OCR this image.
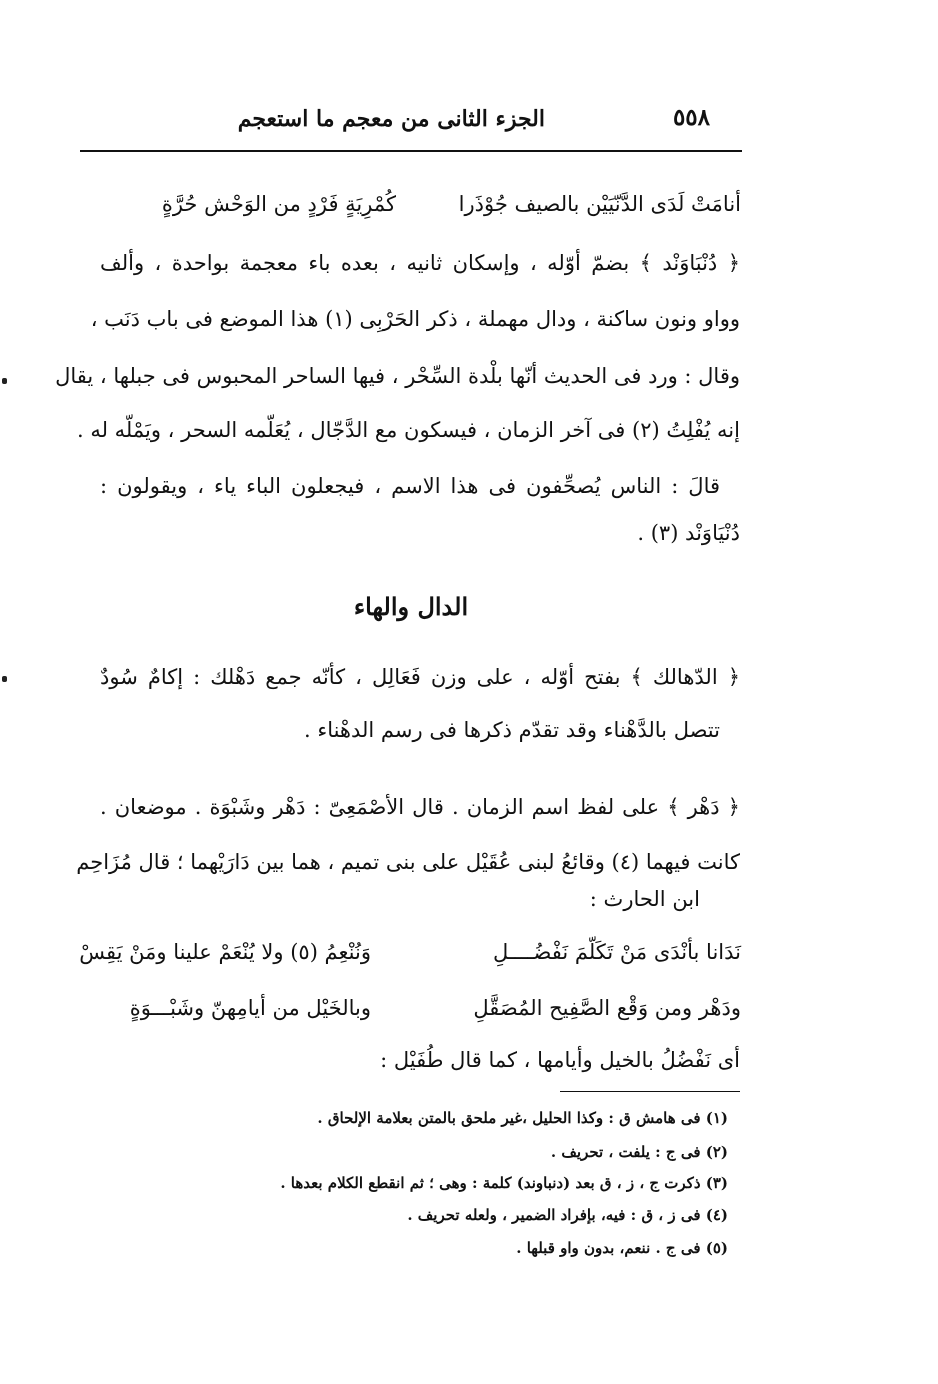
٥٥٨
الجزء الثانى من معجم ما استعجم
كُمْرِيَةٍ فَرْدٍ من الوَحْش حُرَّةٍ	أنامَتْ لَدَى الدَّنّيَيْن بالصيف جُوْذَرا
﴿ دُنْبَاوَنْد ﴾ بضمّ أوّله ، وإسكان ثانيه ، بعده باء معجمة بواحدة ، وألف
وواو ونون ساكنة ، ودال مهملة ، ذكر الحَرْبِى (١) هذا الموضع فى باب دَنَب ،
وقال : ورد فى الحديث أنّها بلْدة السِّحْر ، فيها الساحر المحبوس فى جبلها ، يقال
إنه يُفْلِتُ (٢) فى آخر الزمان ، فيسكون مع الدَّجّال ، يُعَلّمه السحر ، ويَمْلّه له .
قالَ : الناس يُصحِّفون فى هذا الاسم ، فيجعلون الباء ياء ، ويقولون :
دُنْيَاوَنْد (٣) .
الدال والهاء
﴿ الدّهالك ﴾ بفتح أوّله ، على وزن فَعَالِل ، كأنّه جمع دَهْلك : إكامٌ سُودٌ
تتصل بالدَّهْناء وقد تقدّم ذكرها فى رسم الدهْناء .
﴿ دَهْر ﴾ على لفظ اسم الزمان . قال الأصْمَعِىّ : دَهْر وشَبْوَة . موضعان .
كانت فيهما (٤) وقائعُ لبنى عُقَيْل على بنى تميم ، هما بين دَارَيْهما ؛ قال مُزَاحِم
ابن الحارث :
وَنُنْعِمُ (٥) ولا يُنْعَمْ علينا ومَنْ يَقِسْ	نَدَانا بأنْدَى مَنْ تَكَلّمَ نَفْضُــــلِ
وبالخَيْل من أيامِهنّ وشَبْـــوَةٍ	ودَهْر ومن وَقْع الصَّفِيح المُصَقَّلِ
أى نَفْضُلُ بالخيل وأيامها ، كما قال طُفَيْل :
(١) فى هامش ق : وكذا الحليل ،غير ملحق بالمتن بعلامة الإلحاق .
(٢) فى ج : يلفت ، تحريف .
(٣) ذكرت ج ، ز ، ق بعد (دنباوند) كلمة : وهى ؛ ثم انقطع الكلام بعدها .
(٤) فى ز ، ق : فيه، بإفراد الضمير ، ولعله تحريف .
(٥) فى ج . ننعم، بدون واو قبلها .
